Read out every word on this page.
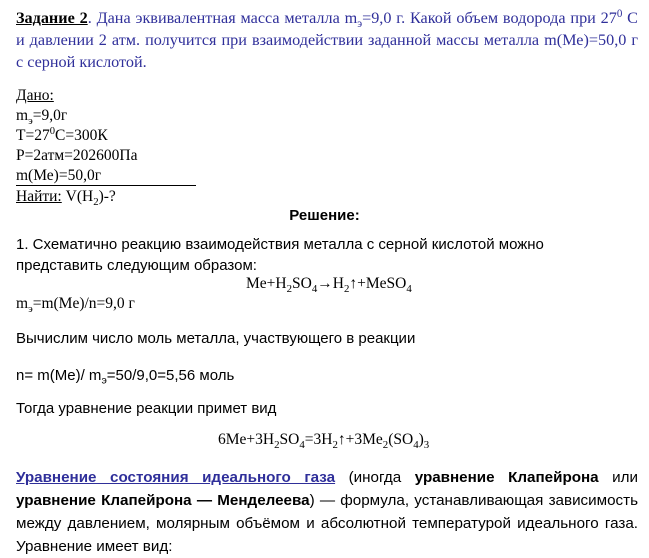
Задание 2. Дана эквивалентная масса металла $m_э=9,0$ г. Какой объем водорода при $27^0$ С и давлении 2 атм. получится при взаимодействии заданной массы металла m(Ме)=50,0 г с серной кислотой.
Дано:
$m_э=9,0г$
$T=27^0С=300К$
P=2атм=202600Па
m(Ме)=50,0г
Найти: $V(H_2)-$?
Решение:
1. Схематично реакцию взаимодействия металла с серной кислотой можно представить следующим образом:
$Me+H_2SO_4\to H_2↑+MeSO_4$
$m_э=m(Me)/n=9,0$ г
Вычислим число моль металла, участвующего в реакции
n= m(Me)/ $m_э=50/9,0=5,56$ моль
Тогда уравнение реакции примет вид
$6Me+3H_2SO_4=3H_2↑+3Me_2(SO_4)_3$
Уравнение состояния идеального газа (иногда уравнение Клапейрона или уравнение Клапейрона — Менделеева) — формула, устанавливающая зависимость между давлением, молярным объёмом и абсолютной температурой идеального газа. Уравнение имеет вид:
